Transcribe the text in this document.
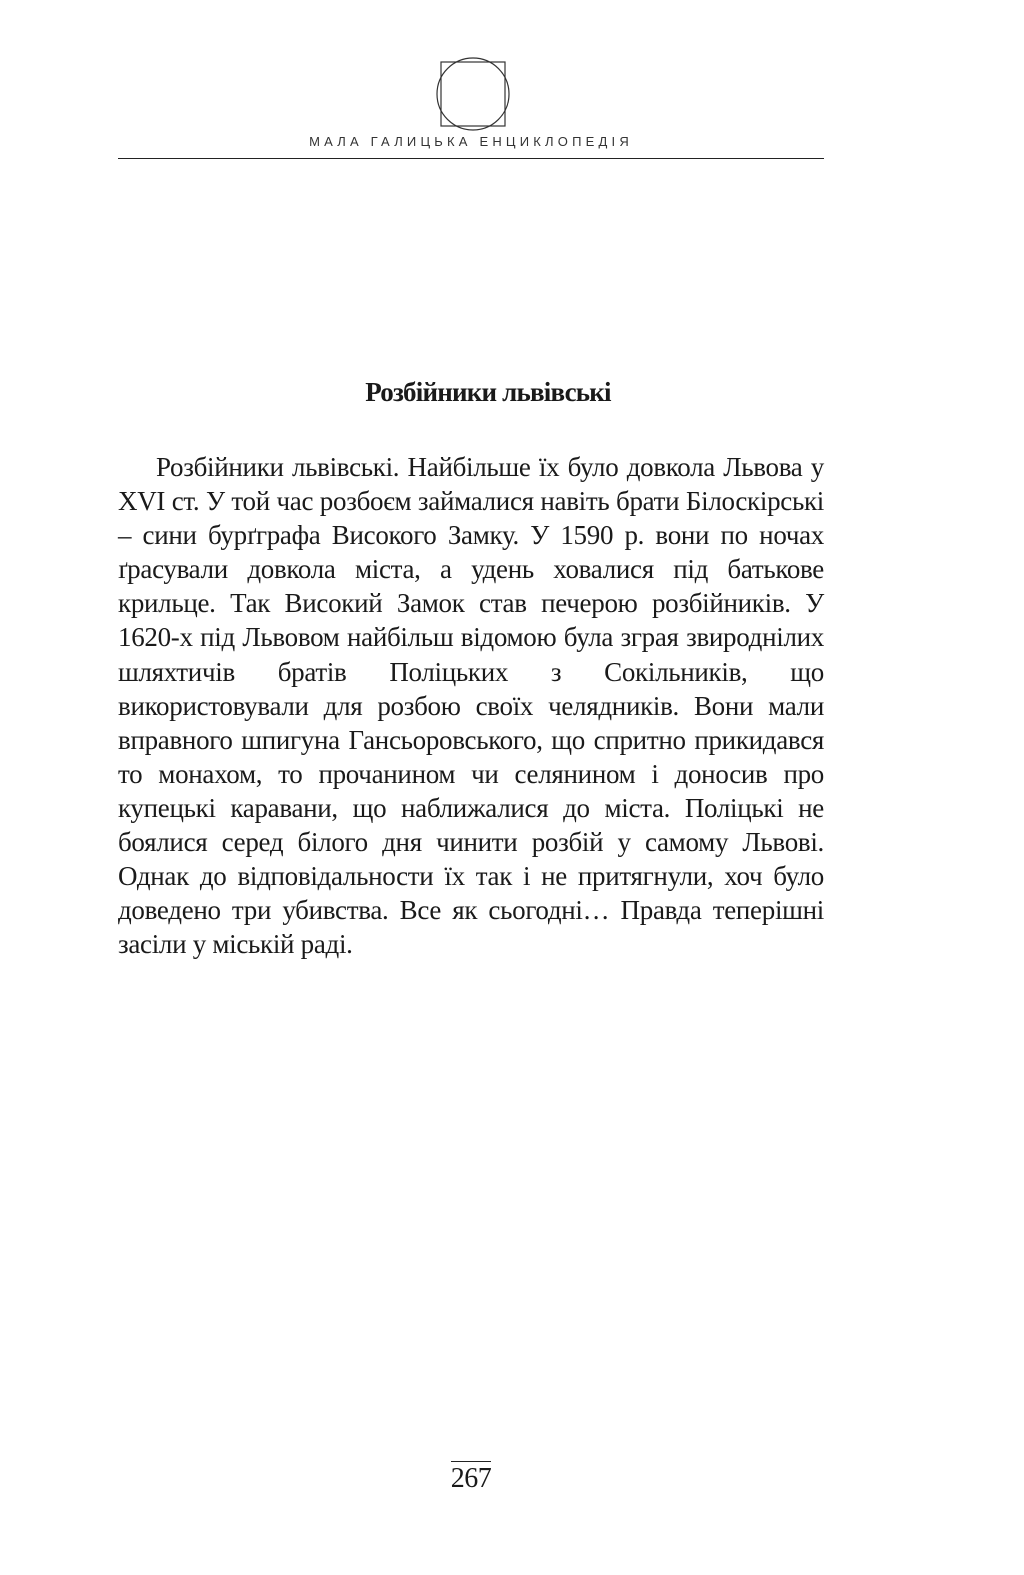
МАЛА ГАЛИЦЬКА ЕНЦИКЛОПЕДІЯ
Розбійники львівські

Розбійники львівські. Найбільше їх було довкола Львова у XVI ст. У той час розбоєм займалися навіть брати Білоскірські – сини бурґграфа Високого Замку. У 1590 р. вони по ночах ґрасували довкола міста, а удень ховалися під батькове крильце. Так Високий Замок став печерою розбійників. У 1620-х під Львовом найбільш відомою була зграя звироднілих шляхтичів братів Поліцьких з Сокільників, що використовували для розбою своїх челядників. Вони мали вправного шпигуна Гансьоровського, що спритно прикидався то монахом, то прочанином чи селянином і доносив про купецькі каравани, що наближалися до міста. Поліцькі не боялися серед білого дня чинити розбій у самому Львові. Однак до відповідальности їх так і не притягнули, хоч було доведено три убивства. Все як сьогодні… Правда теперішні засіли у міській раді.

267
